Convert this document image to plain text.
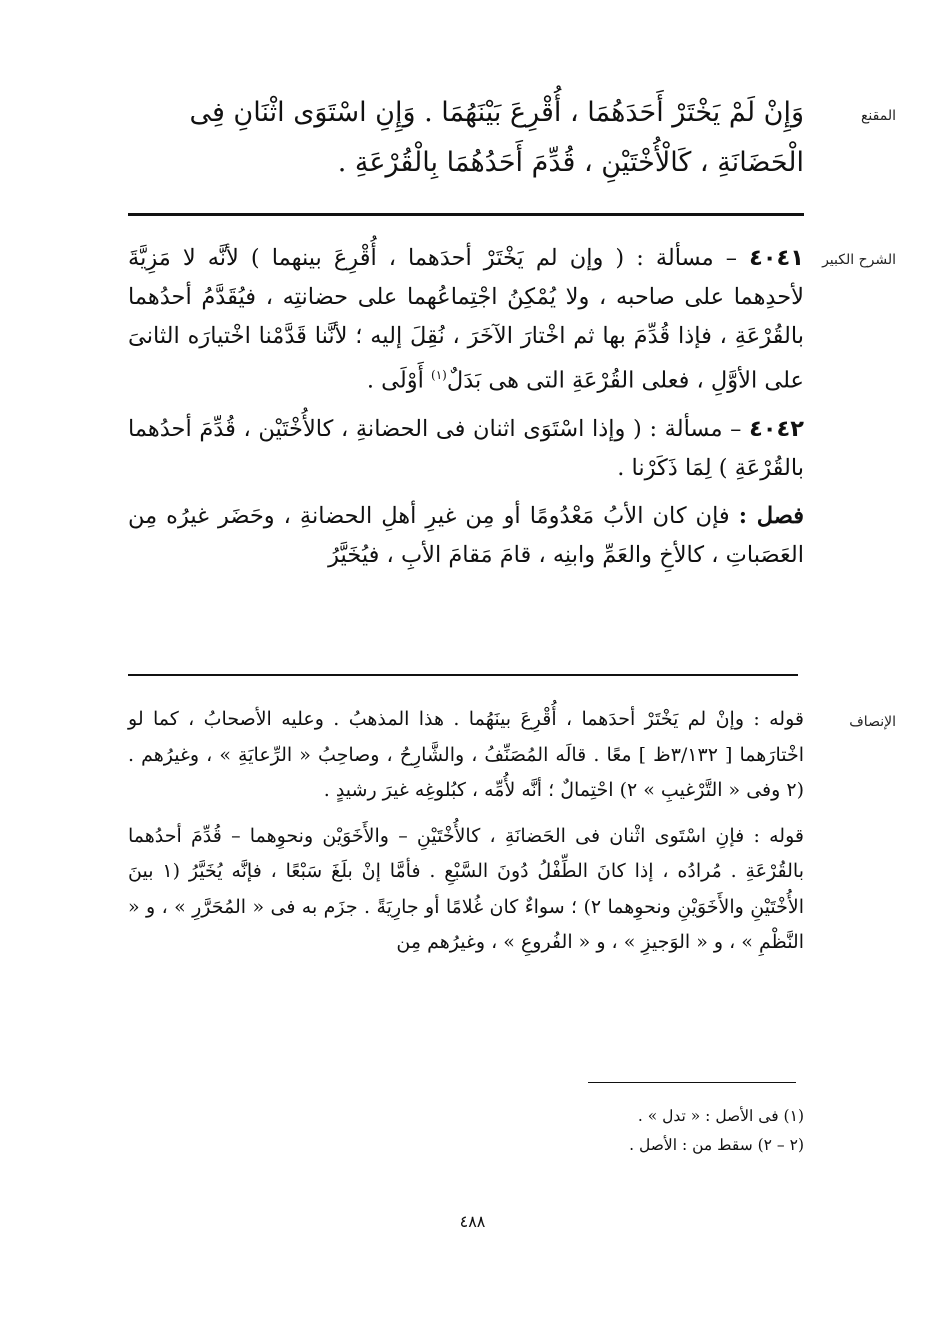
المقنع
وَإِنْ لَمْ يَخْتَرْ أَحَدَهُمَا ، أُقْرِعَ بَيْنَهُمَا . وَإِنِ اسْتَوَى اثْنَانِ فِى
الْحَضَانَةِ ، كَالْأُخْتَيْنِ ، قُدِّمَ أَحَدُهُمَا بِالْقُرْعَةِ .
الشرح الكبير

٤٠٤١ – مسألة : ( وإن لم يَخْتَرْ أحدَهما ، أُقْرِعَ بينهما ) لأنَّه لا مَزِيَّةَ لأحدِهما على صاحبه ، ولا يُمْكِنُ اجْتِماعُهما على حضانتِه ، فيُقَدَّمُ أحدُهما بالقُرْعَةِ ، فإذا قُدِّمَ بها ثم اخْتارَ الآخَرَ ، نُقِلَ إليه ؛ لأنَّنا قَدَّمْنا اخْتيارَه الثانىَ على الأوَّلِ ، فعلى القُرْعَةِ التى هى بَدَلٌ$^{(١)}$ أَوْلَى .

٤٠٤٢ – مسألة : ( وإذا اسْتَوَى اثنان فى الحضانةِ ، كالأُخْتَيْن ، قُدِّمَ أحدُهما بالقُرْعَةِ ) لِمَا ذَكَرْنا .

فصل : فإن كان الأبُ مَعْدُومًا أو مِن غيرِ أهلِ الحضانةِ ، وحَضَر غيرُه مِن العَصَباتِ ، كالأخِ والعَمِّ وابنِه ، قامَ مَقامَ الأبِ ، فيُخَيَّرُ

الإنصاف

قوله : وإنْ لم يَخْتَرْ أحدَهما ، أُقْرِعَ بينَهُما . هذا المذهبُ . وعليه الأصحابُ ، كما لو اخْتارَهما [ ٣/١٣٢ظ ] معًا . قالَه المُصَنِّفُ ، والشَّارِحُ ، وصاحِبُ « الرِّعايَةِ » ، وغيرُهم . (٢ وفى « التَّرْغيبِ » ٢) احْتِمالٌ ؛ أنَّه لأُمِّه ، كبُلوغِه غيرَ رشيدٍ .

قوله : فإنِ اسْتَوى اثْنان فى الحَضانَةِ ، كالأُخْتَيْنِ – والأَخَوَيْن ونحوِهما – قُدِّمَ أحدُهما بالقُرْعَةِ . مُرادُه ، إذا كانَ الطِّفْلُ دُونَ السَّبْعِ . فأمَّا إنْ بلَغَ سَبْعًا ، فإنَّه يُخَيَّرُ (١ بينَ الأُخْتَيْنِ والأَخَوَيْنِ ونحوِهما ٢) ؛ سواءٌ كان غُلامًا أو جارِيَةً . جزَم به فى « المُحَرَّرِ » ، و « النَّظْمِ » ، و « الوَجيزِ » ، و « الفُروعِ » ، وغيرُهم مِن

(١) فى الأصل : « تدل » .

(٢ – ٢) سقط من : الأصل .

٤٨٨
